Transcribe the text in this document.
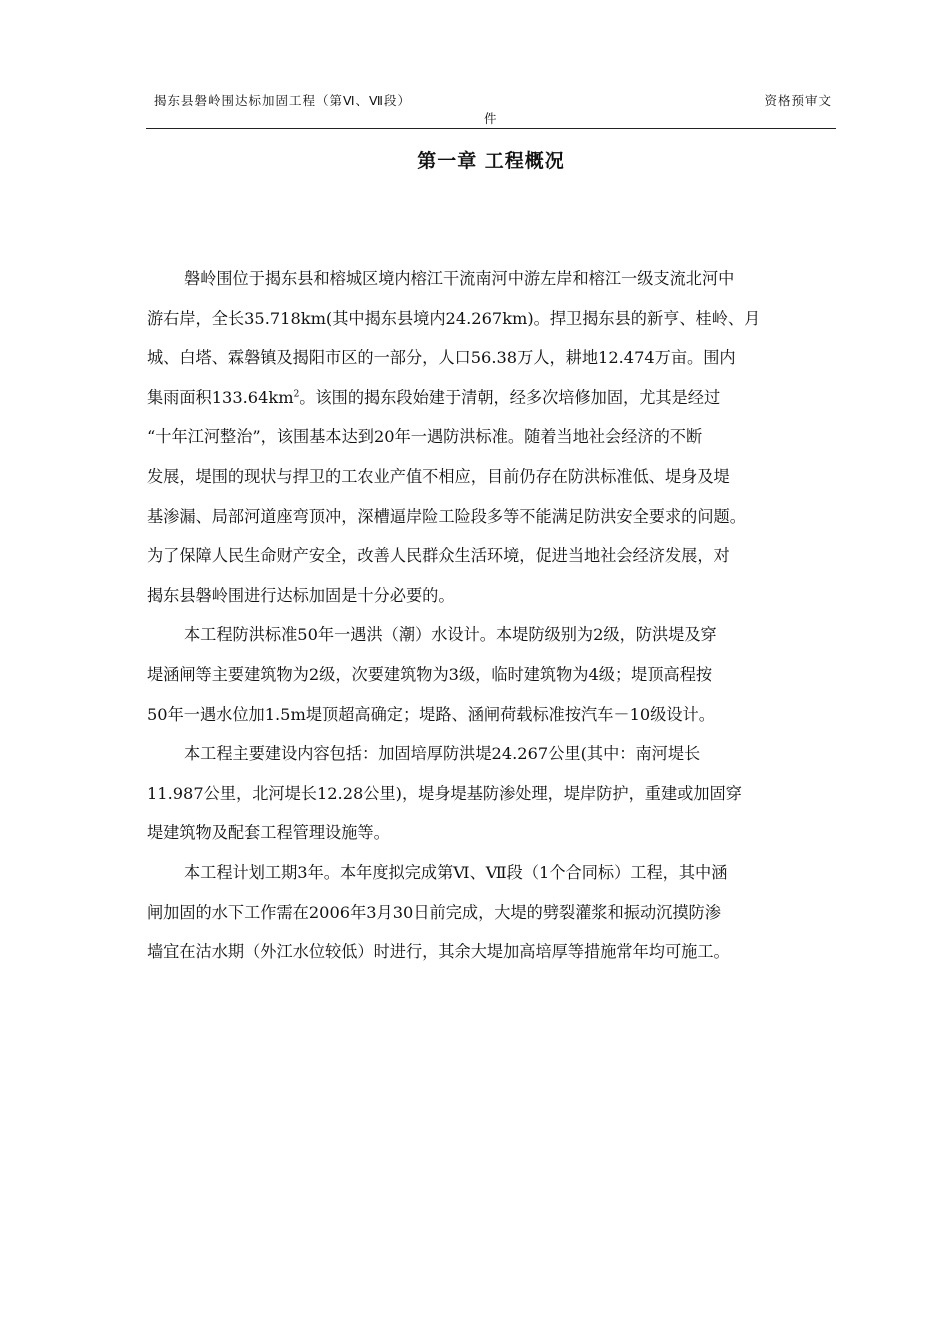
揭东县磐岭围达标加固工程（第Ⅵ、Ⅶ段）	资格预审文
件
第一章 工程概况
磐岭围位于揭东县和榕城区境内榕江干流南河中游左岸和榕江一级支流北河中
游右岸，全长35.718km(其中揭东县境内24.267km)。捍卫揭东县的新亨、桂岭、月
城、白塔、霖磐镇及揭阳市区的一部分，人口56.38万人，耕地12.474万亩。围内
集雨面积$133.64km^2$。该围的揭东段始建于清朝，经多次培修加固，尤其是经过
“十年江河整治”，该围基本达到20年一遇防洪标准。随着当地社会经济的不断
发展，堤围的现状与捍卫的工农业产值不相应，目前仍存在防洪标准低、堤身及堤
基渗漏、局部河道座弯顶冲，深槽逼岸险工险段多等不能满足防洪安全要求的问题。
为了保障人民生命财产安全，改善人民群众生活环境，促进当地社会经济发展，对
揭东县磐岭围进行达标加固是十分必要的。
本工程防洪标准50年一遇洪（潮）水设计。本堤防级别为2级，防洪堤及穿
堤涵闸等主要建筑物为2级，次要建筑物为3级，临时建筑物为4级；堤顶高程按
50年一遇水位加1.5m堤顶超高确定；堤路、涵闸荷载标准按汽车－10级设计。
本工程主要建设内容包括：加固培厚防洪堤24.267公里(其中：南河堤长
11.987公里，北河堤长12.28公里)，堤身堤基防渗处理，堤岸防护，重建或加固穿
堤建筑物及配套工程管理设施等。
本工程计划工期3年。本年度拟完成第Ⅵ、Ⅶ段（1个合同标）工程，其中涵
闸加固的水下工作需在2006年3月30日前完成，大堤的劈裂灌浆和振动沉摸防渗
墙宜在沽水期（外江水位较低）时进行，其余大堤加高培厚等措施常年均可施工。
